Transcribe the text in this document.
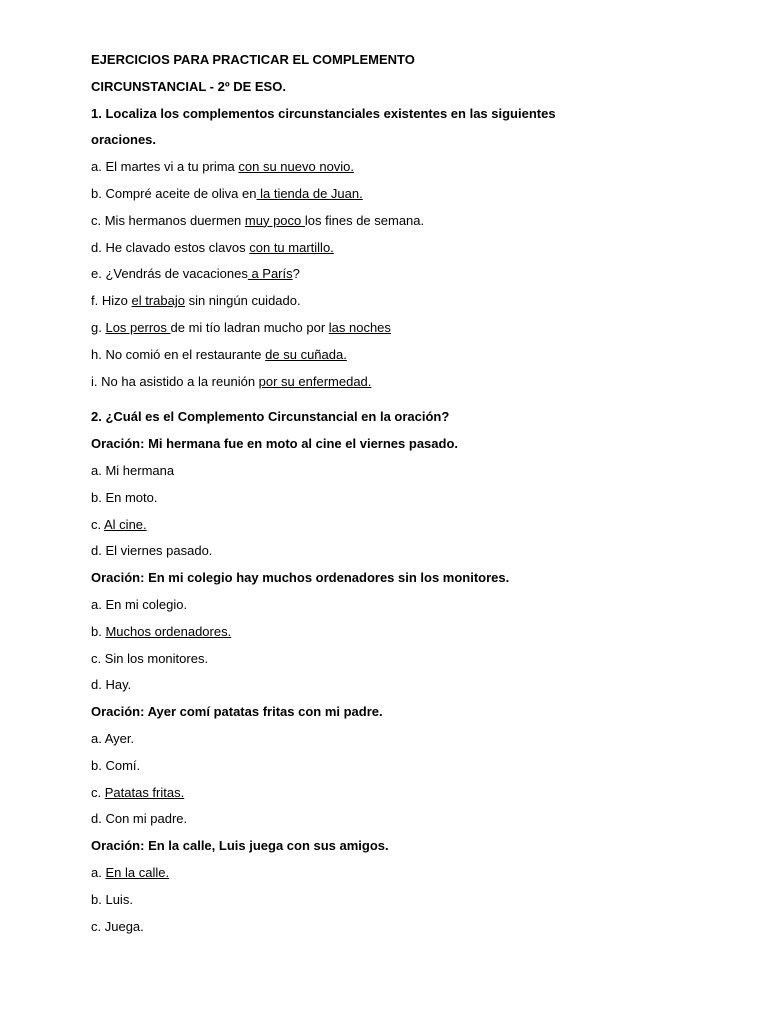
EJERCICIOS PARA PRACTICAR EL COMPLEMENTO
CIRCUNSTANCIAL - 2º DE ESO.
1. Localiza los complementos circunstanciales existentes en las siguientes
oraciones.
a. El martes vi a tu prima con su nuevo novio.
b. Compré aceite de oliva en la tienda de Juan.
c. Mis hermanos duermen muy poco los fines de semana.
d. He clavado estos clavos con tu martillo.
e. ¿Vendrás de vacaciones a París?
f. Hizo el trabajo sin ningún cuidado.
g. Los perros de mi tío ladran mucho por las noches
h. No comió en el restaurante de su cuñada.
i. No ha asistido a la reunión por su enfermedad.
2. ¿Cuál es el Complemento Circunstancial en la oración?
Oración: Mi hermana fue en moto al cine el viernes pasado.
a. Mi hermana
b. En moto.
c. Al cine.
d. El viernes pasado.
Oración: En mi colegio hay muchos ordenadores sin los monitores.
a. En mi colegio.
b. Muchos ordenadores.
c. Sin los monitores.
d. Hay.
Oración: Ayer comí patatas fritas con mi padre.
a. Ayer.
b. Comí.
c. Patatas fritas.
d. Con mi padre.
Oración: En la calle, Luis juega con sus amigos.
a. En la calle.
b. Luis.
c. Juega.
